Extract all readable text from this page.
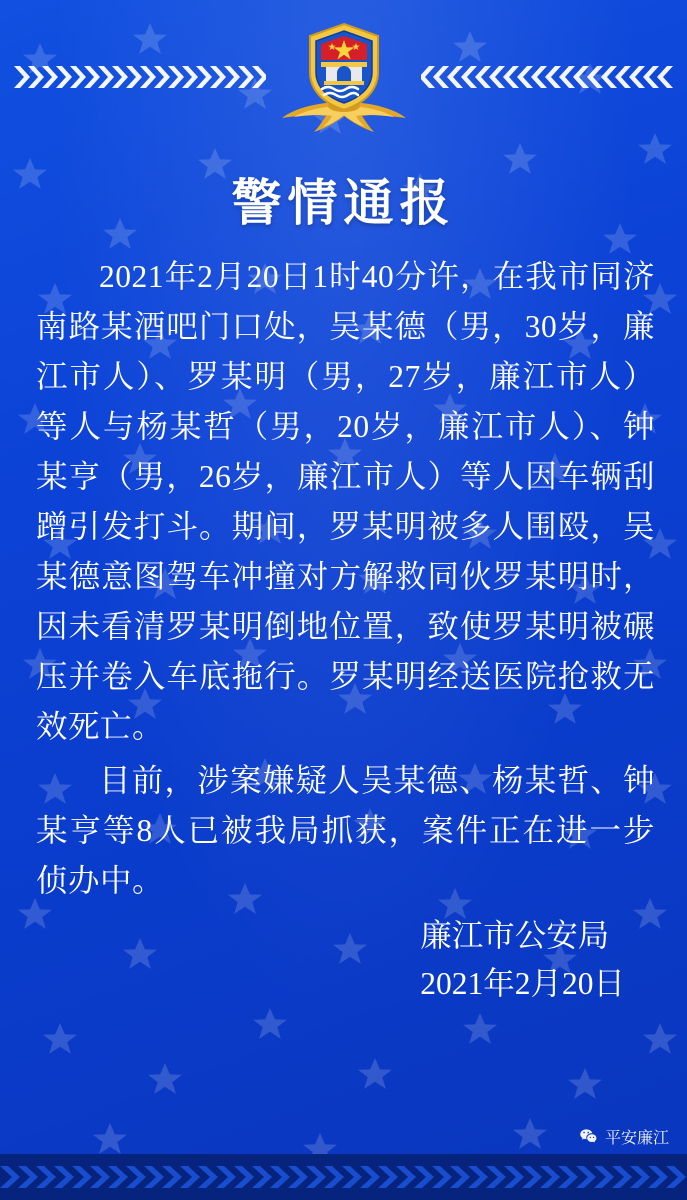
警情通报

2021年2月20日1时40分许，在我市同济南路某酒吧门口处，吴某德（男，30岁，廉江市人）、罗某明（男，27岁，廉江市人）等人与杨某哲（男，20岁，廉江市人）、钟某亨（男，26岁，廉江市人）等人因车辆刮蹭引发打斗。期间，罗某明被多人围殴，吴某德意图驾车冲撞对方解救同伙罗某明时，因未看清罗某明倒地位置，致使罗某明被碾压并卷入车底拖行。罗某明经送医院抢救无效死亡。

目前，涉案嫌疑人吴某德、杨某哲、钟某亨等8人已被我局抓获，案件正在进一步侦办中。

廉江市公安局
2021年2月20日
平安廉江
